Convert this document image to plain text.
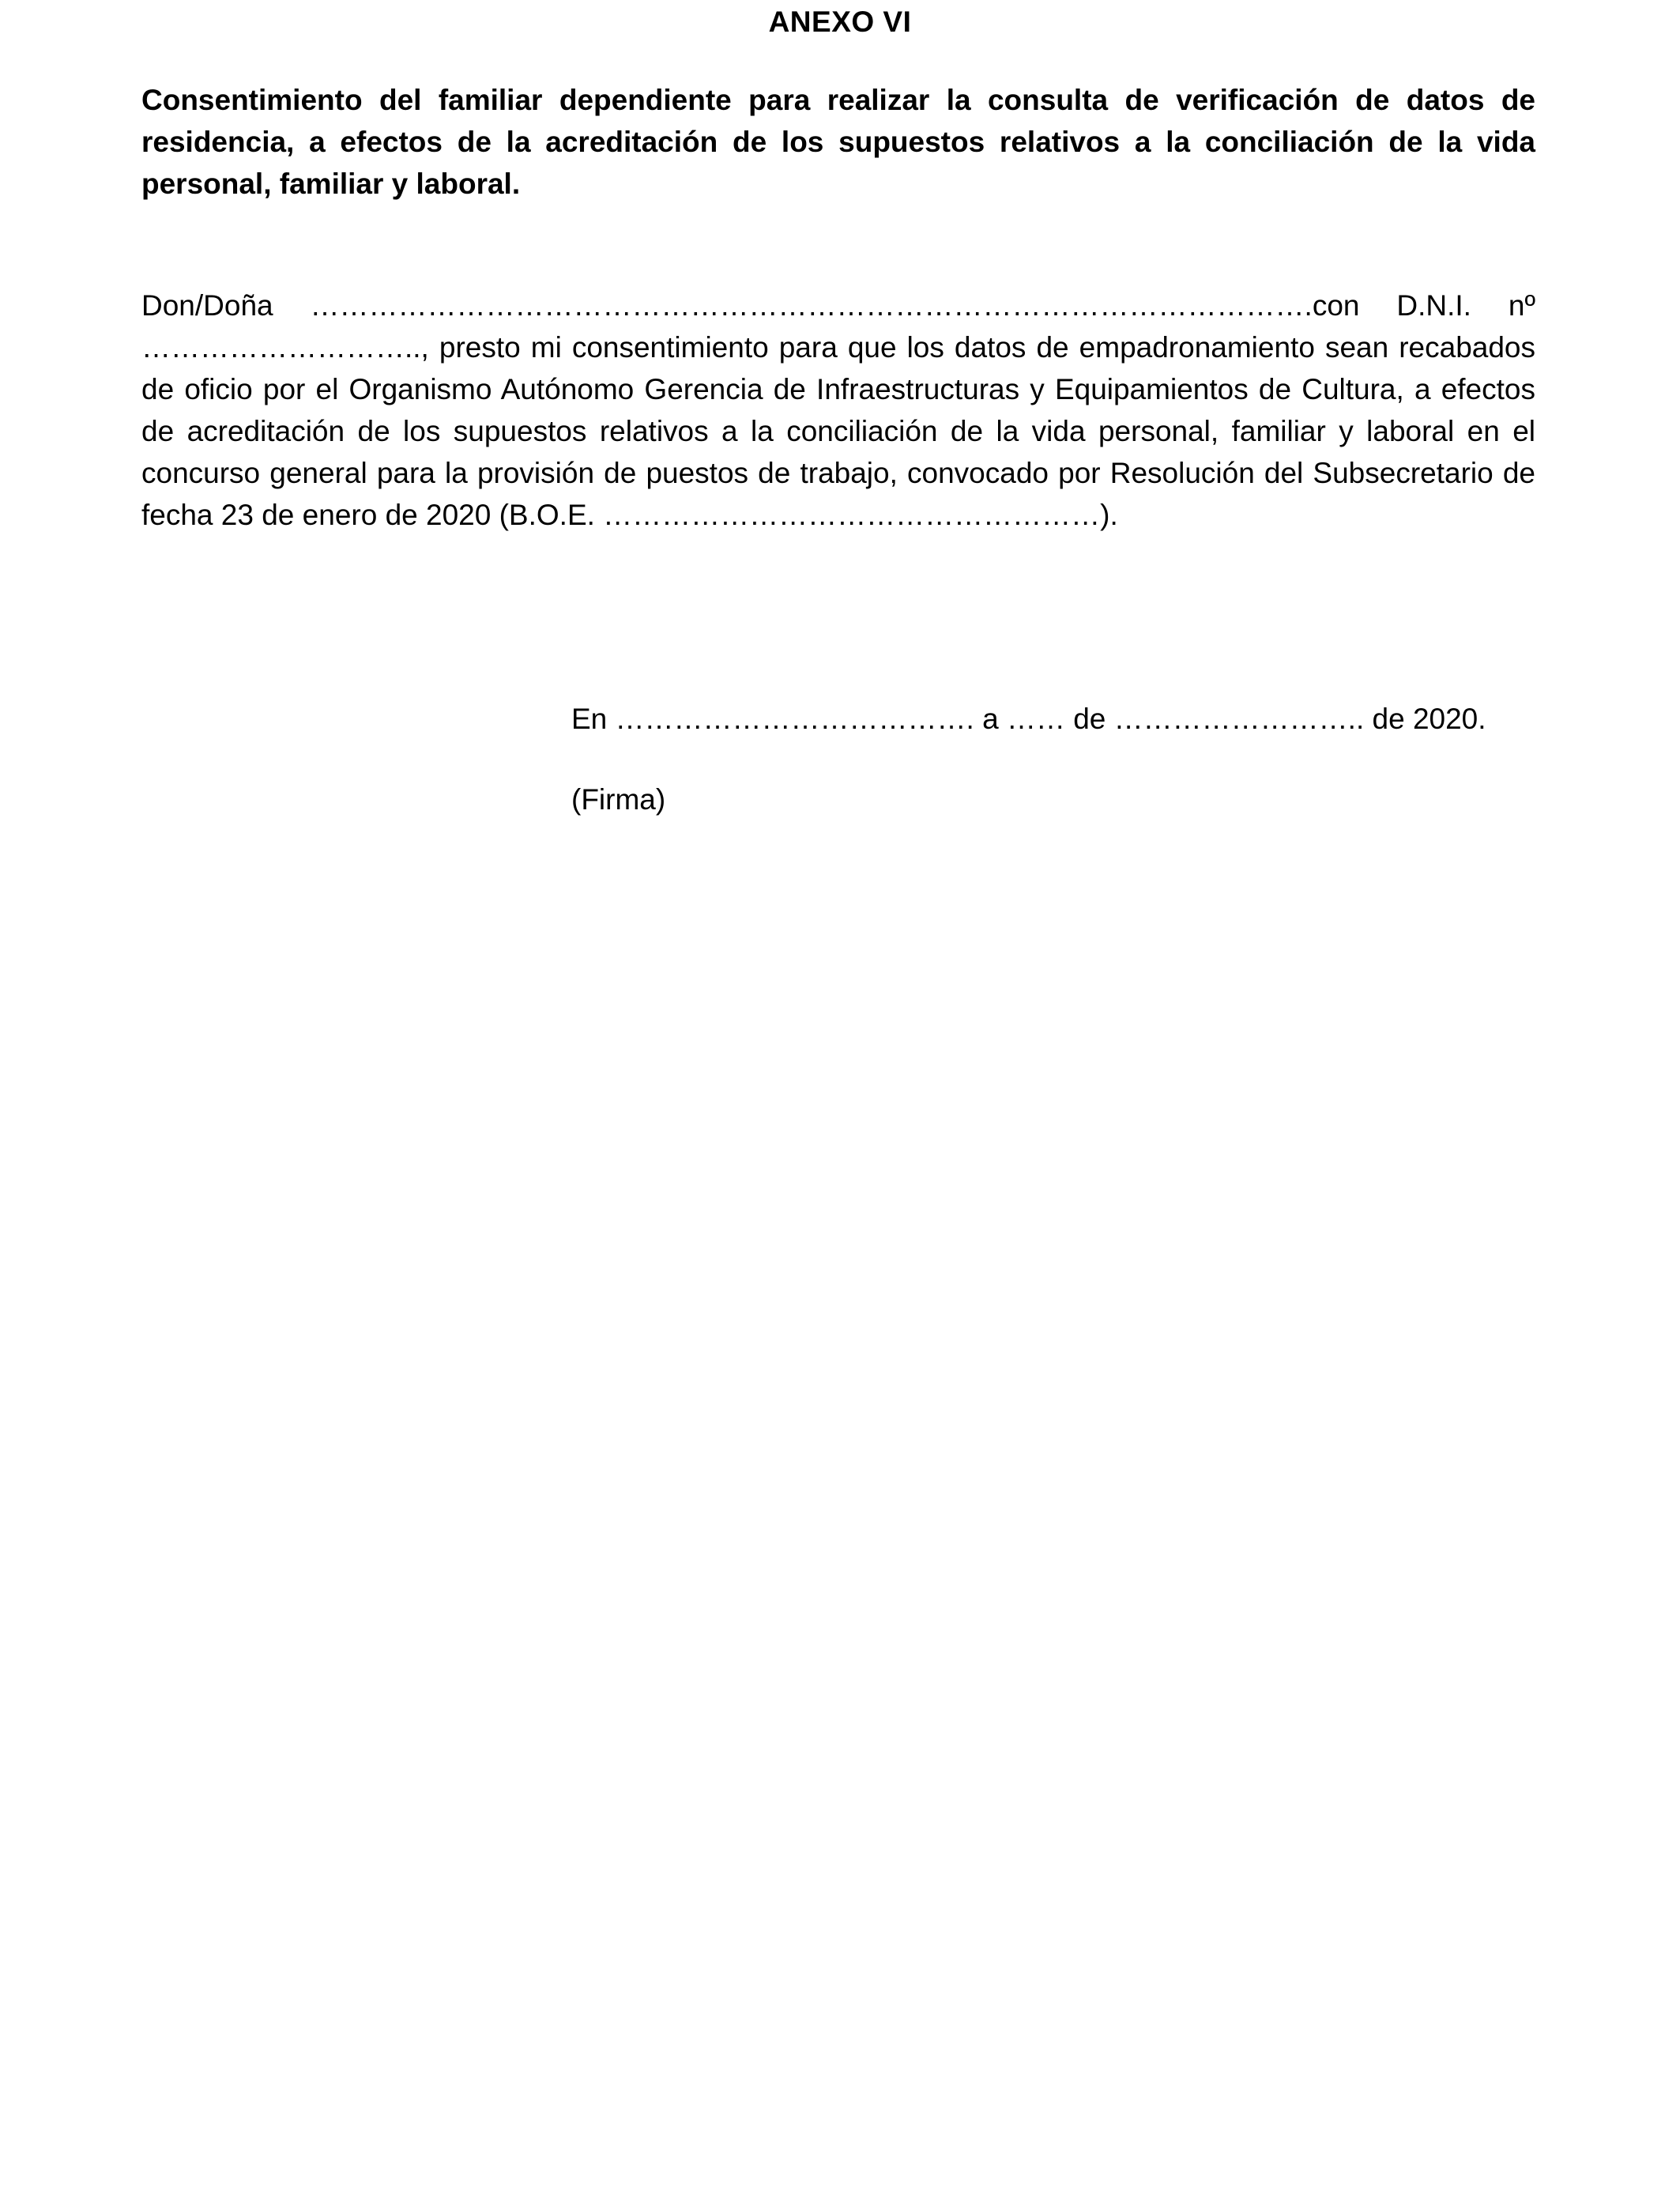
ANEXO VI

Consentimiento del familiar dependiente para realizar la consulta de verificación de datos de residencia, a efectos de la acreditación de los supuestos relativos a la conciliación de la vida personal, familiar y laboral.

Don/Doña ………………………………………………………………………………………….con D.N.I. nº ……………………….., presto mi consentimiento para que los datos de empadronamiento sean recabados de oficio por el Organismo Autónomo Gerencia de Infraestructuras y Equipamientos de Cultura, a efectos de acreditación de los supuestos relativos a la conciliación de la vida personal, familiar y laboral en el concurso general para la provisión de puestos de trabajo, convocado por Resolución del Subsecretario de fecha 23 de enero de 2020 (B.O.E. ……………………………………………).

En ………………………………. a …… de …………………….. de 2020.

(Firma)
